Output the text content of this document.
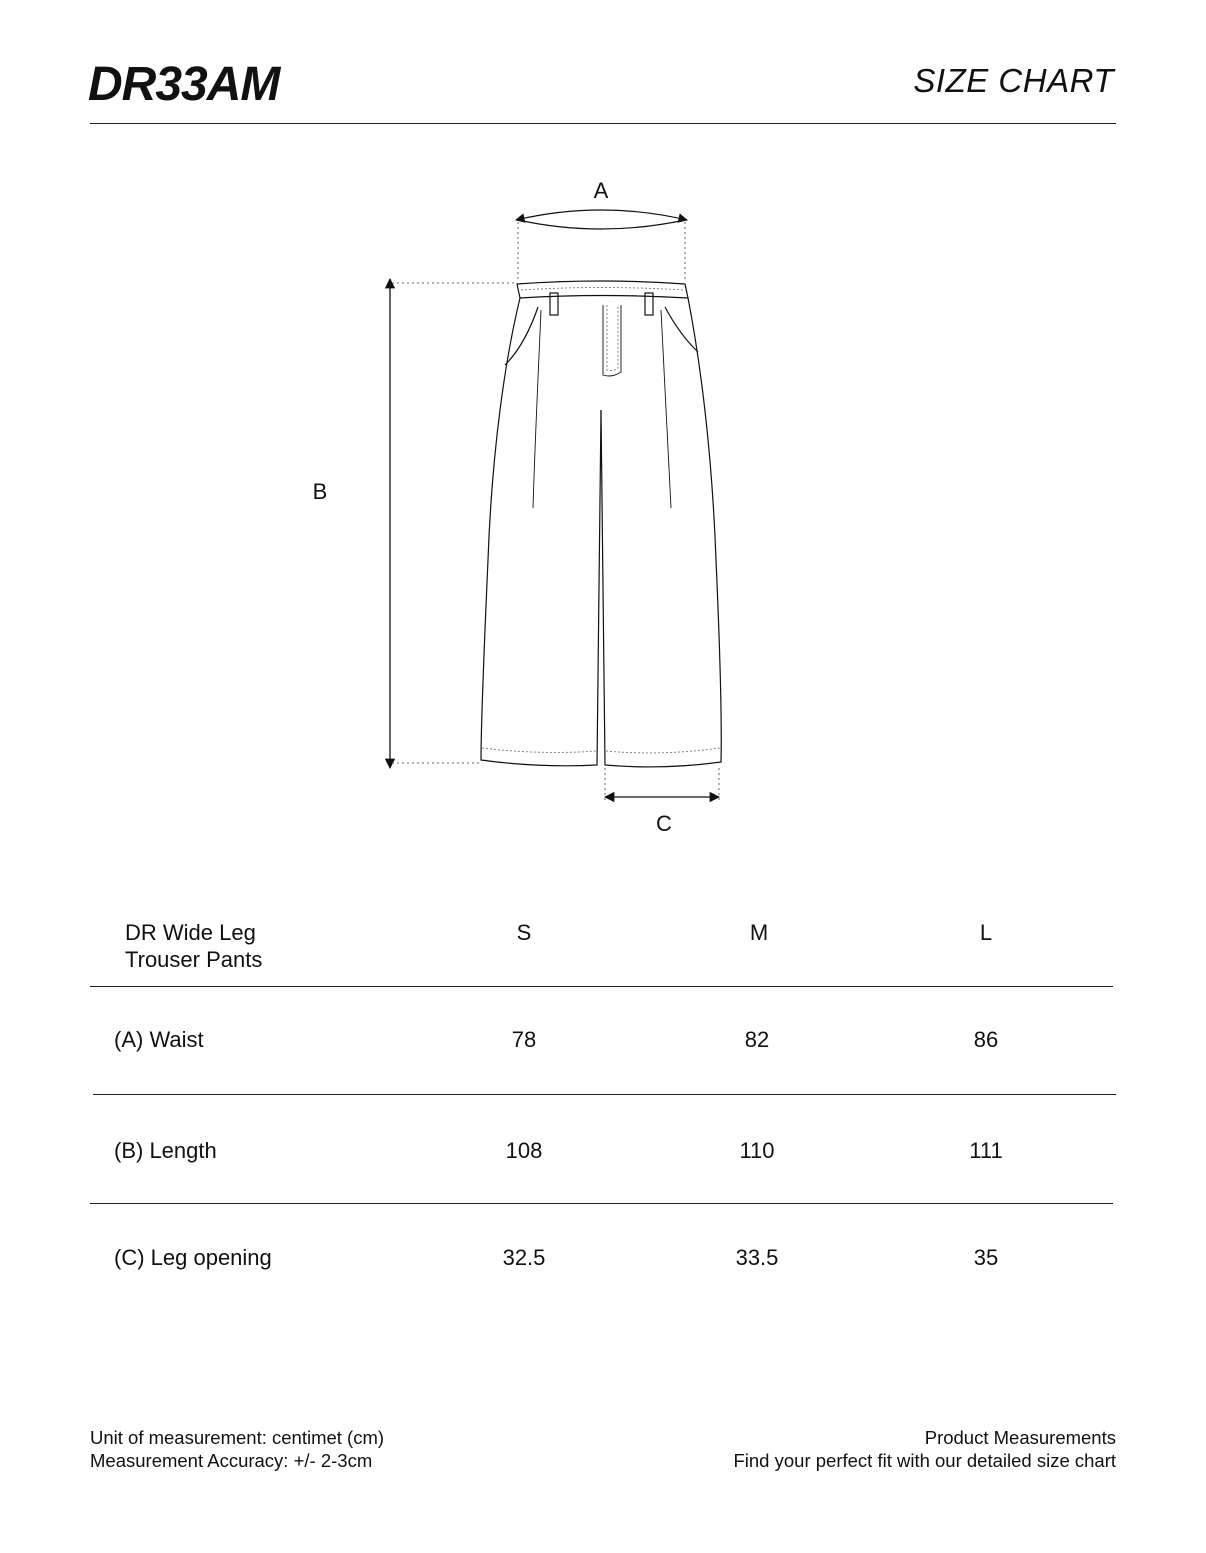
DR33AM	SIZE CHART
A
B
C
DR Wide Leg
Trouser Pants
S	M	L
(A) Waist	78	82	86
(B) Length	108	110	111
(C) Leg opening	32.5	33.5	35
Unit of measurement: centimet (cm)
Measurement Accuracy: +/- 2-3cm
Product Measurements
Find your perfect fit with our detailed size chart
